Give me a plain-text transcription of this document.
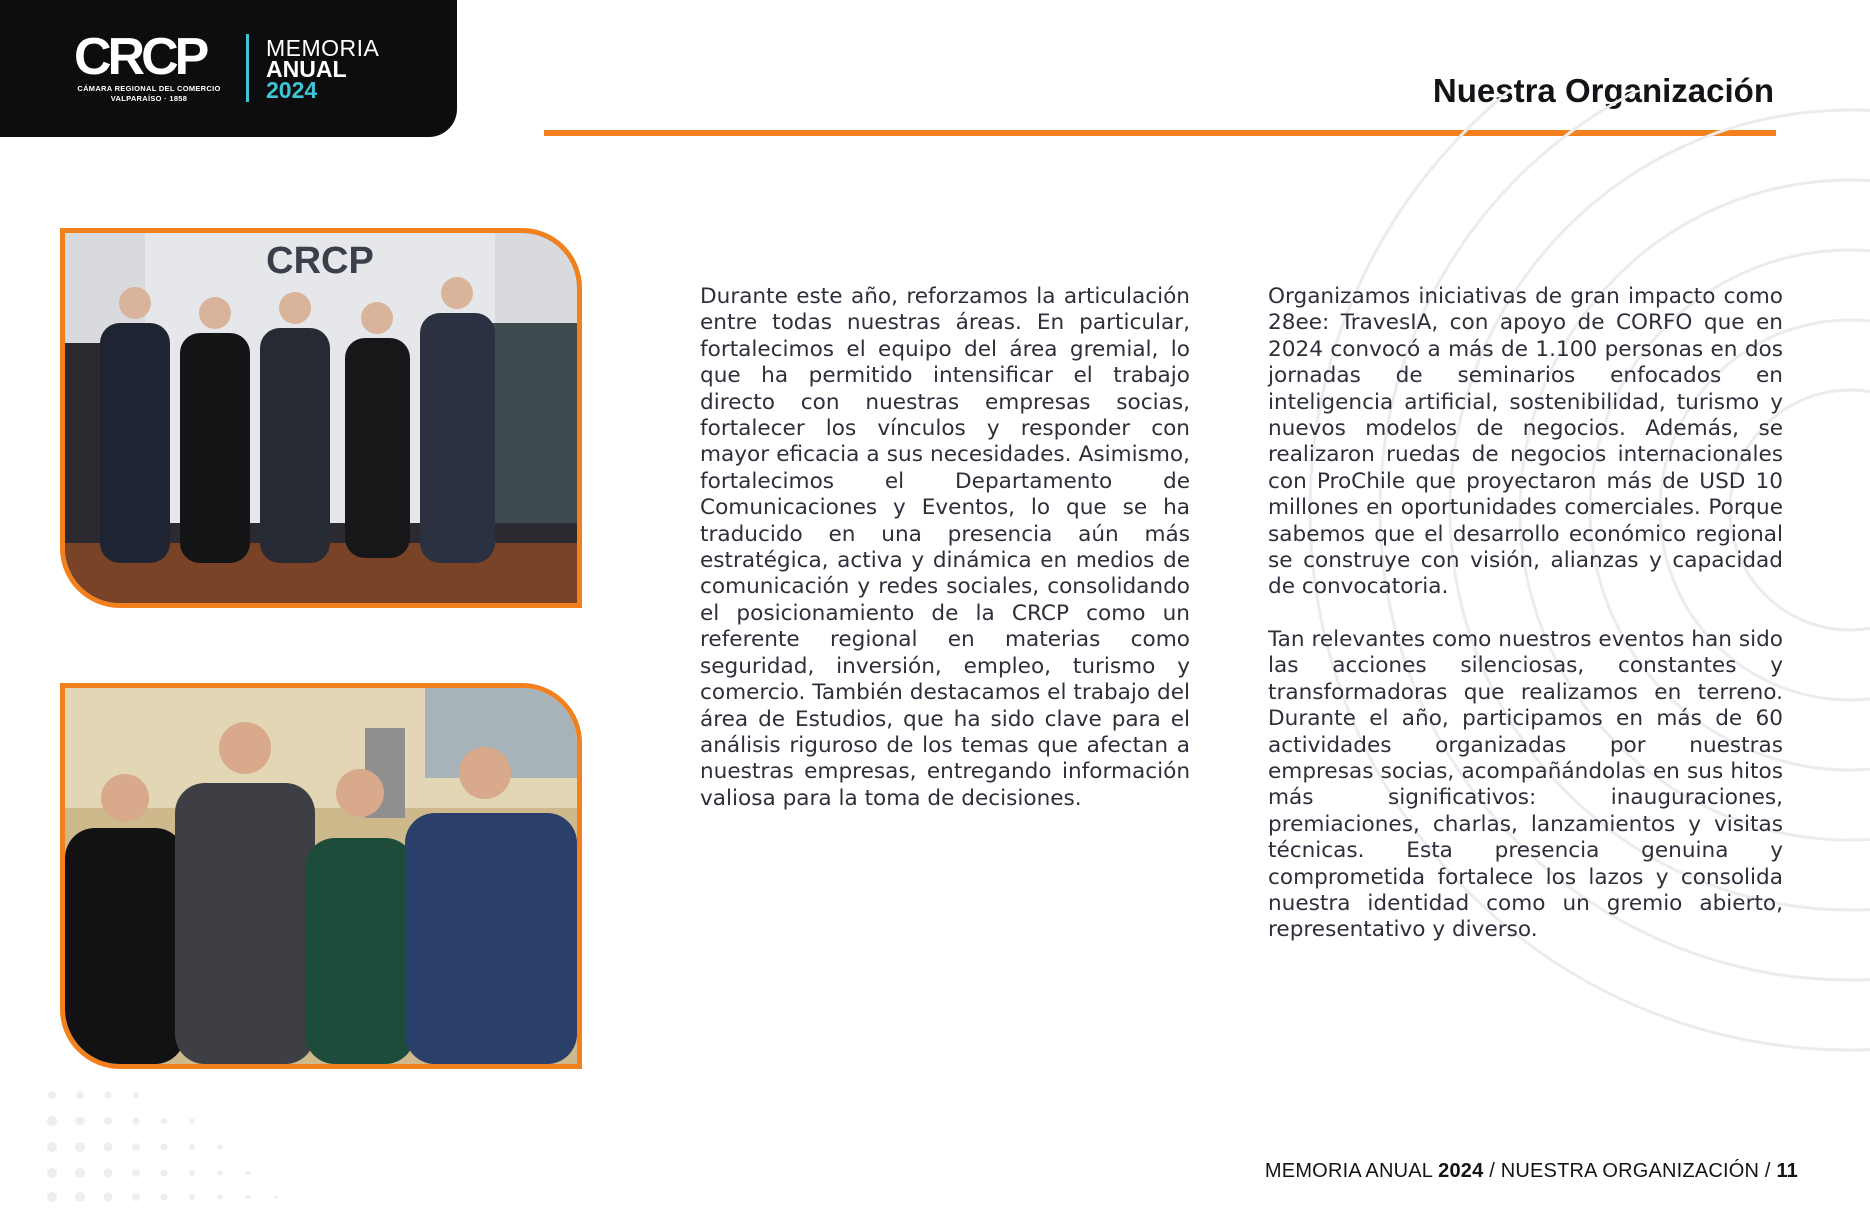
CRCP
CÁMARA REGIONAL DEL COMERCIO
VALPARAÍSO · 1858
MEMORIA
ANUAL
2024	Nuestra Organización
CRCP

Durante este año, reforzamos la articulación entre todas nuestras áreas. En particular, fortalecimos el equipo del área gremial, lo que ha permitido intensificar el trabajo directo con nuestras empresas socias, fortalecer los vínculos y responder con mayor eficacia a sus necesidades. Asimismo, fortalecimos el Departamento de Comunicaciones y Eventos, lo que se ha traducido en una presencia aún más estratégica, activa y dinámica en medios de comunicación y redes sociales, consolidando el posicionamiento de la CRCP como un referente regional en materias como seguridad, inversión, empleo, turismo y comercio. También destacamos el trabajo del área de Estudios, que ha sido clave para el análisis riguroso de los temas que afectan a nuestras empresas, entregando información valiosa para la toma de decisiones.

Organizamos iniciativas de gran impacto como 28ee: TravesIA, con apoyo de CORFO que en 2024 convocó a más de 1.100 personas en dos jornadas de seminarios enfocados en inteligencia artificial, sostenibilidad, turismo y nuevos modelos de negocios. Además, se realizaron ruedas de negocios internacionales con ProChile que proyectaron más de USD 10 millones en oportunidades comerciales. Porque sabemos que el desarrollo económico regional se construye con visión, alianzas y capacidad de convocatoria.

Tan relevantes como nuestros eventos han sido las acciones silenciosas, constantes y transformadoras que realizamos en terreno. Durante el año, participamos en más de 60 actividades organizadas por nuestras empresas socias, acompañándolas en sus hitos más significativos: inauguraciones, premiaciones, charlas, lanzamientos y visitas técnicas. Esta presencia genuina y comprometida fortalece los lazos y consolida nuestra identidad como un gremio abierto, representativo y diverso.

MEMORIA ANUAL 2024 / NUESTRA ORGANIZACIÓN / 11
